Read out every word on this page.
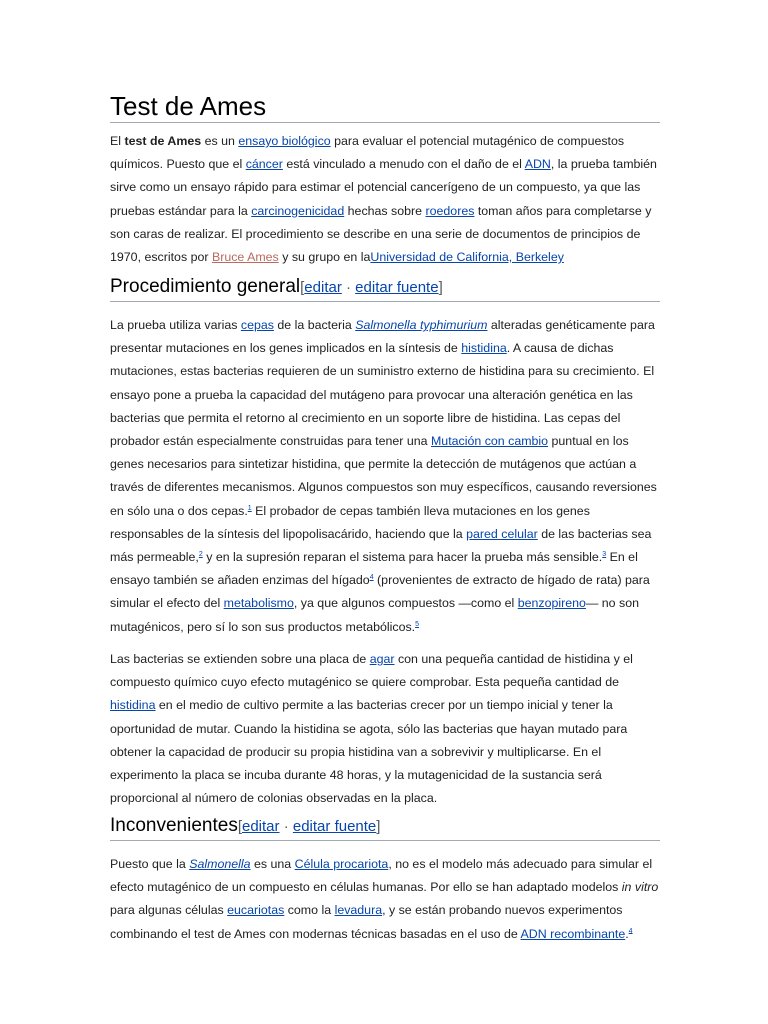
Test de Ames

El test de Ames es un ensayo biológico para evaluar el potencial mutagénico de compuestos químicos. Puesto que el cáncer está vinculado a menudo con el daño de el ADN, la prueba también sirve como un ensayo rápido para estimar el potencial cancerígeno de un compuesto, ya que las pruebas estándar para la carcinogenicidad hechas sobre roedores toman años para completarse y son caras de realizar. El procedimiento se describe en una serie de documentos de principios de 1970, escritos por Bruce Ames y su grupo en laUniversidad de California, Berkeley

Procedimiento general[editar · editar fuente]

La prueba utiliza varias cepas de la bacteria Salmonella typhimurium alteradas genéticamente para presentar mutaciones en los genes implicados en la síntesis de histidina. A causa de dichas mutaciones, estas bacterias requieren de un suministro externo de histidina para su crecimiento. El ensayo pone a prueba la capacidad del mutágeno para provocar una alteración genética en las bacterias que permita el retorno al crecimiento en un soporte libre de histidina. Las cepas del probador están especialmente construidas para tener una Mutación con cambio puntual en los genes necesarios para sintetizar histidina, que permite la detección de mutágenos que actúan a través de diferentes mecanismos. Algunos compuestos son muy específicos, causando reversiones en sólo una o dos cepas.$^1$ El probador de cepas también lleva mutaciones en los genes responsables de la síntesis del lipopolisacárido, haciendo que la pared celular de las bacterias sea más permeable,$^2$ y en la supresión reparan el sistema para hacer la prueba más sensible.$^3$ En el ensayo también se añaden enzimas del hígado$^4$ (provenientes de extracto de hígado de rata) para simular el efecto del metabolismo, ya que algunos compuestos —como el benzopireno— no son mutagénicos, pero sí lo son sus productos metabólicos.$^5$

Las bacterias se extienden sobre una placa de agar con una pequeña cantidad de histidina y el compuesto químico cuyo efecto mutagénico se quiere comprobar. Esta pequeña cantidad de histidina en el medio de cultivo permite a las bacterias crecer por un tiempo inicial y tener la oportunidad de mutar. Cuando la histidina se agota, sólo las bacterias que hayan mutado para obtener la capacidad de producir su propia histidina van a sobrevivir y multiplicarse. En el experimento la placa se incuba durante 48 horas, y la mutagenicidad de la sustancia será proporcional al número de colonias observadas en la placa.

Inconvenientes[editar · editar fuente]

Puesto que la Salmonella es una Célula procariota, no es el modelo más adecuado para simular el efecto mutagénico de un compuesto en células humanas. Por ello se han adaptado modelos in vitro para algunas células eucariotas como la levadura, y se están probando nuevos experimentos combinando el test de Ames con modernas técnicas basadas en el uso de ADN recombinante.$^4$
